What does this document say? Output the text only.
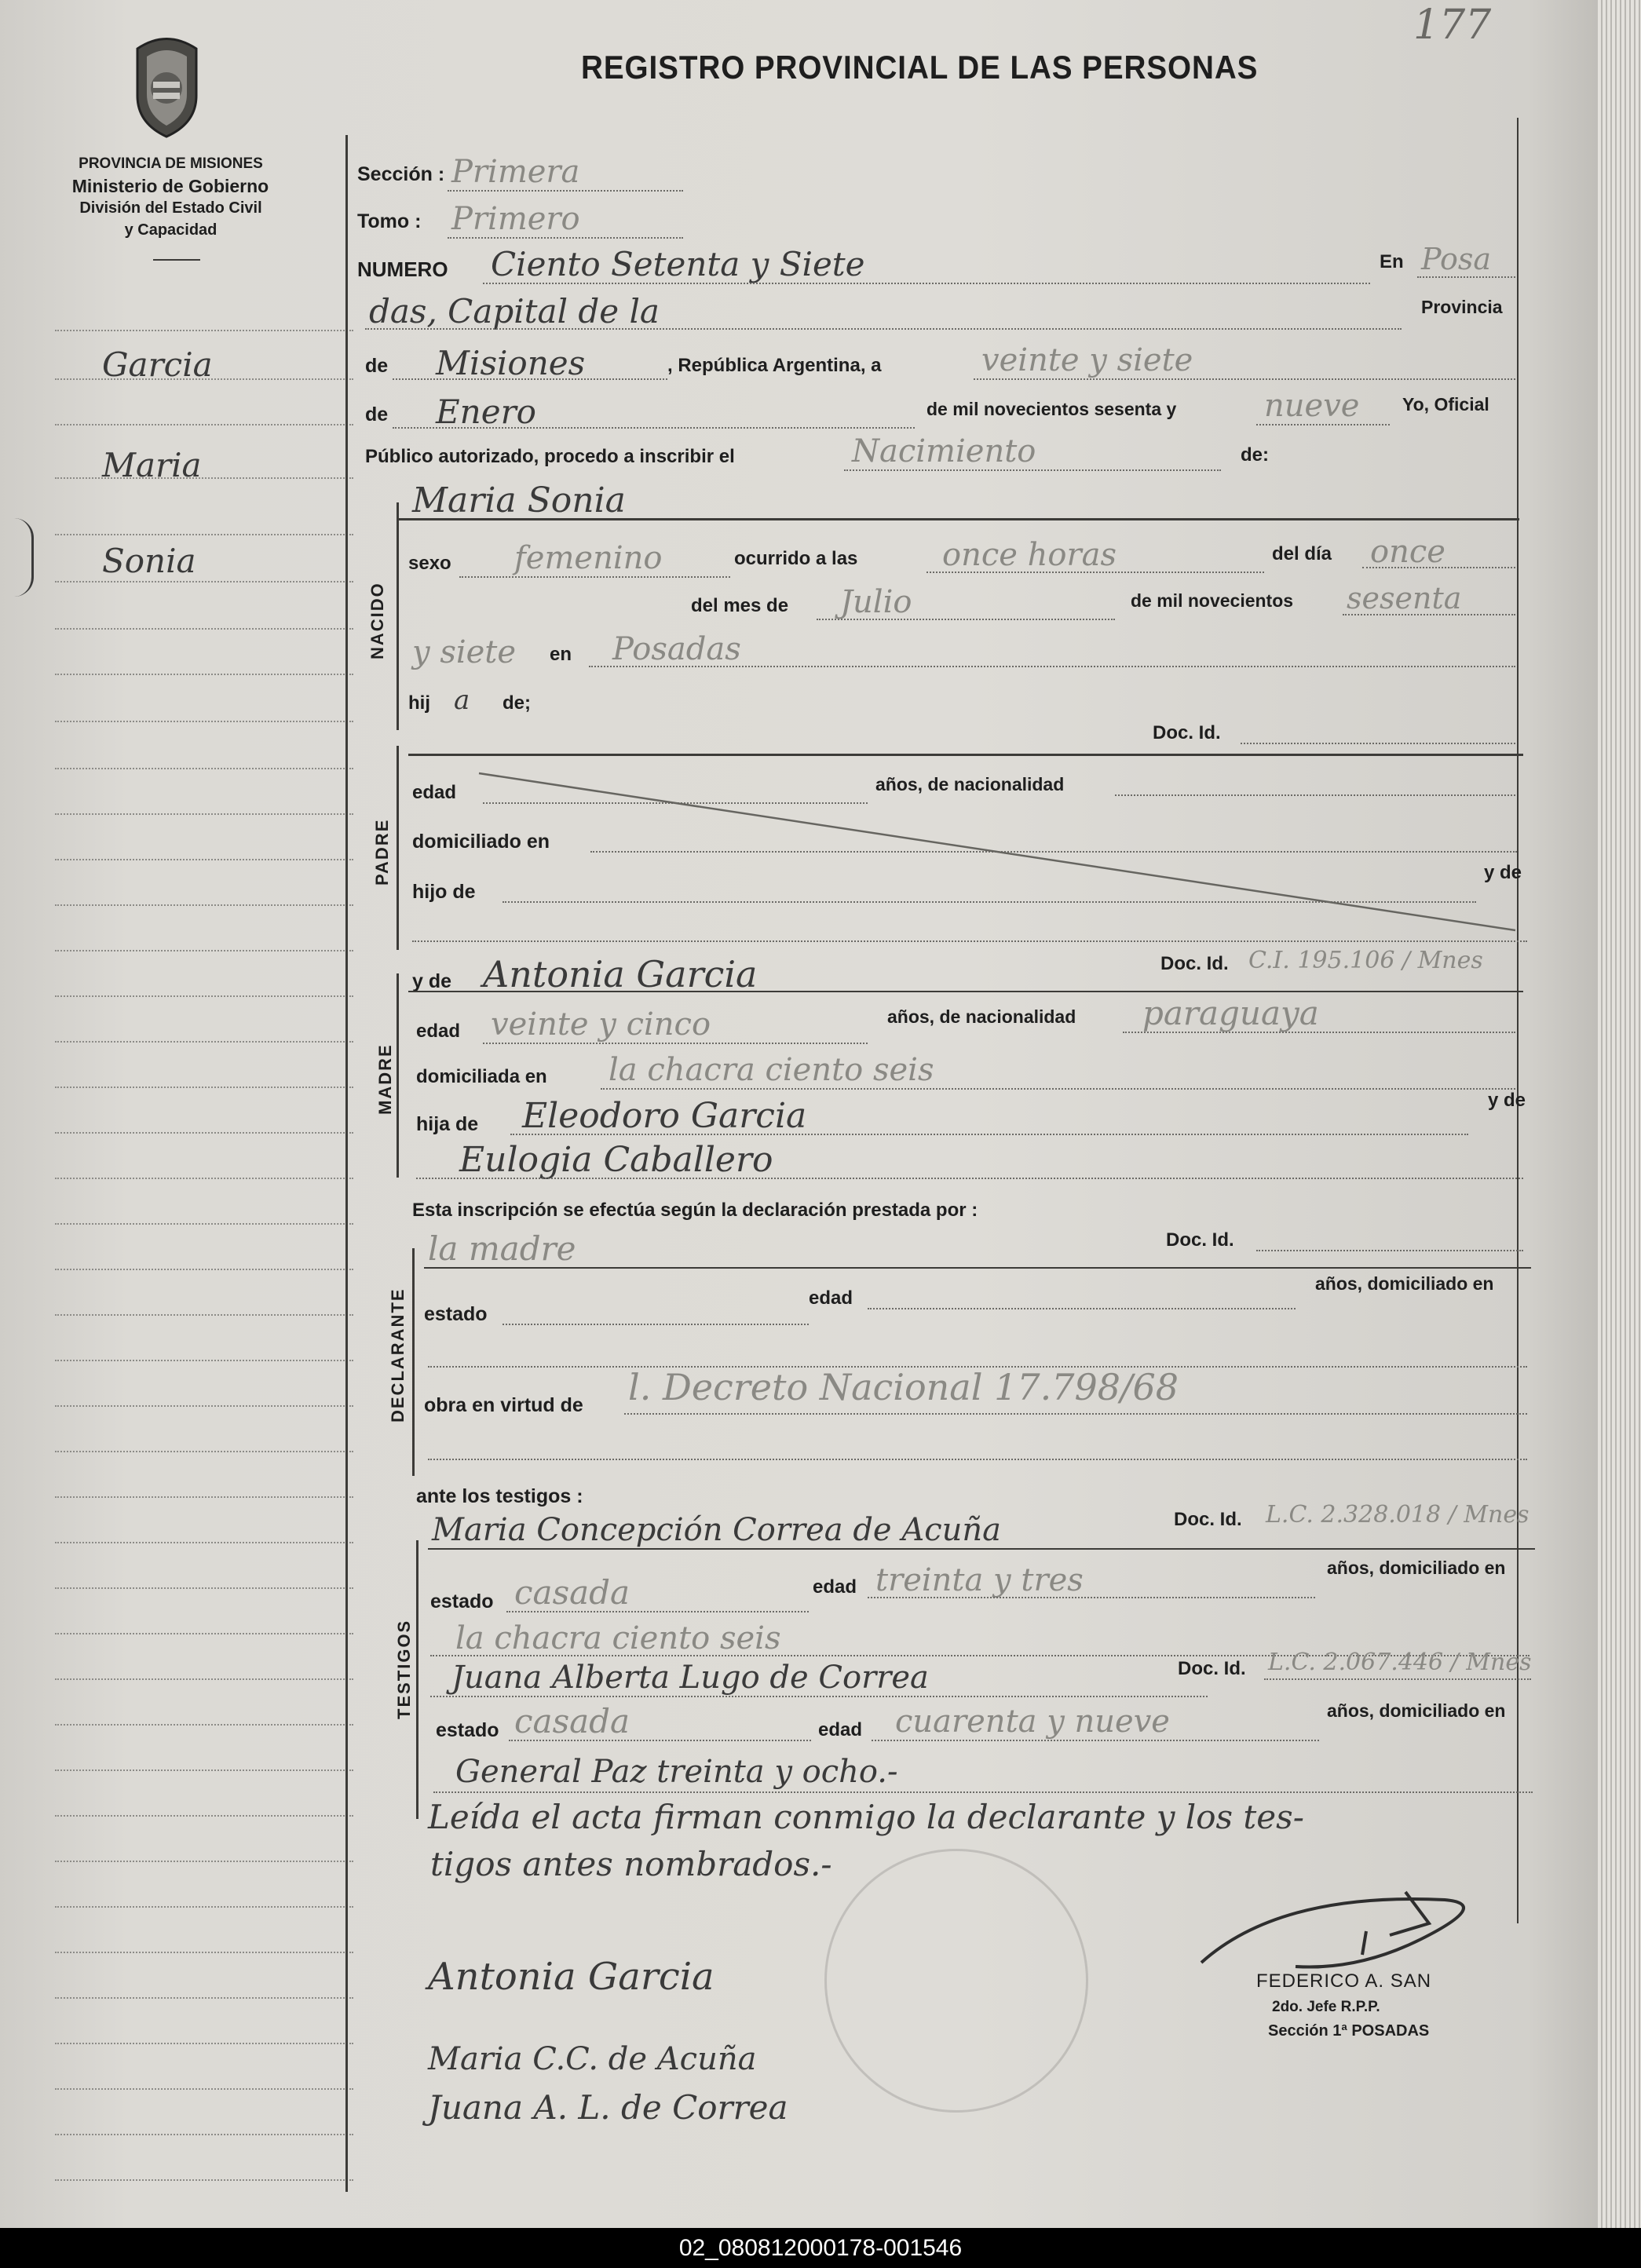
177
PROVINCIA DE MISIONES
Ministerio de Gobierno
División del Estado Civil
y Capacidad
REGISTRO PROVINCIAL DE LAS PERSONAS
Garcia
Maria
Sonia
Sección : Primera
Tomo : Primero
NUMERO Ciento Setenta y Siete	En Posa
das, Capital de la	Provincia
de Misiones	, República Argentina, a	veinte y siete
de Enero	de mil novecientos sesenta y	nueve Yo, Oficial
Público autorizado, procedo a inscribir el	Nacimiento	de:
NACIDO
Maria Sonia
sexo femenino	ocurrido a las	once horas	del día once
del mes de Julio	de mil novecientos sesenta
y siete en Posadas
hij a de;
Doc. Id.
PADRE
edad	años, de nacionalidad
domiciliado en
hijo de
y de
MADRE
y de Antonia Garcia	Doc. Id. C.I. 195.106 / Mnes
edad veinte y cinco	años, de nacionalidad paraguaya
domiciliada en la chacra ciento seis
hija de Eleodoro Garcia	y de
Eulogia Caballero
Esta inscripción se efectúa según la declaración prestada por :
DECLARANTE
la madre	Doc. Id.
estado
edad
años, domiciliado en
obra en virtud de l. Decreto Nacional 17.798/68
ante los testigos :
TESTIGOS
Maria Concepción Correa de Acuña	Doc. Id. L.C. 2.328.018 / Mnes
estado casada	edad treinta y tres	años, domiciliado en
la chacra ciento seis
Juana Alberta Lugo de Correa	Doc. Id. L.C. 2.067.446 / Mnes
estado casada	edad cuarenta y nueve	años, domiciliado en
General Paz treinta y ocho.-
Leída el acta firman conmigo la declarante y los tes-
tigos antes nombrados.-
Antonia Garcia
Maria C.C. de Acuña
Juana A. L. de Correa
FEDERICO A. SAN
2do. Jefe R.P.P.
Sección 1ª POSADAS
02_080812000178-001546
